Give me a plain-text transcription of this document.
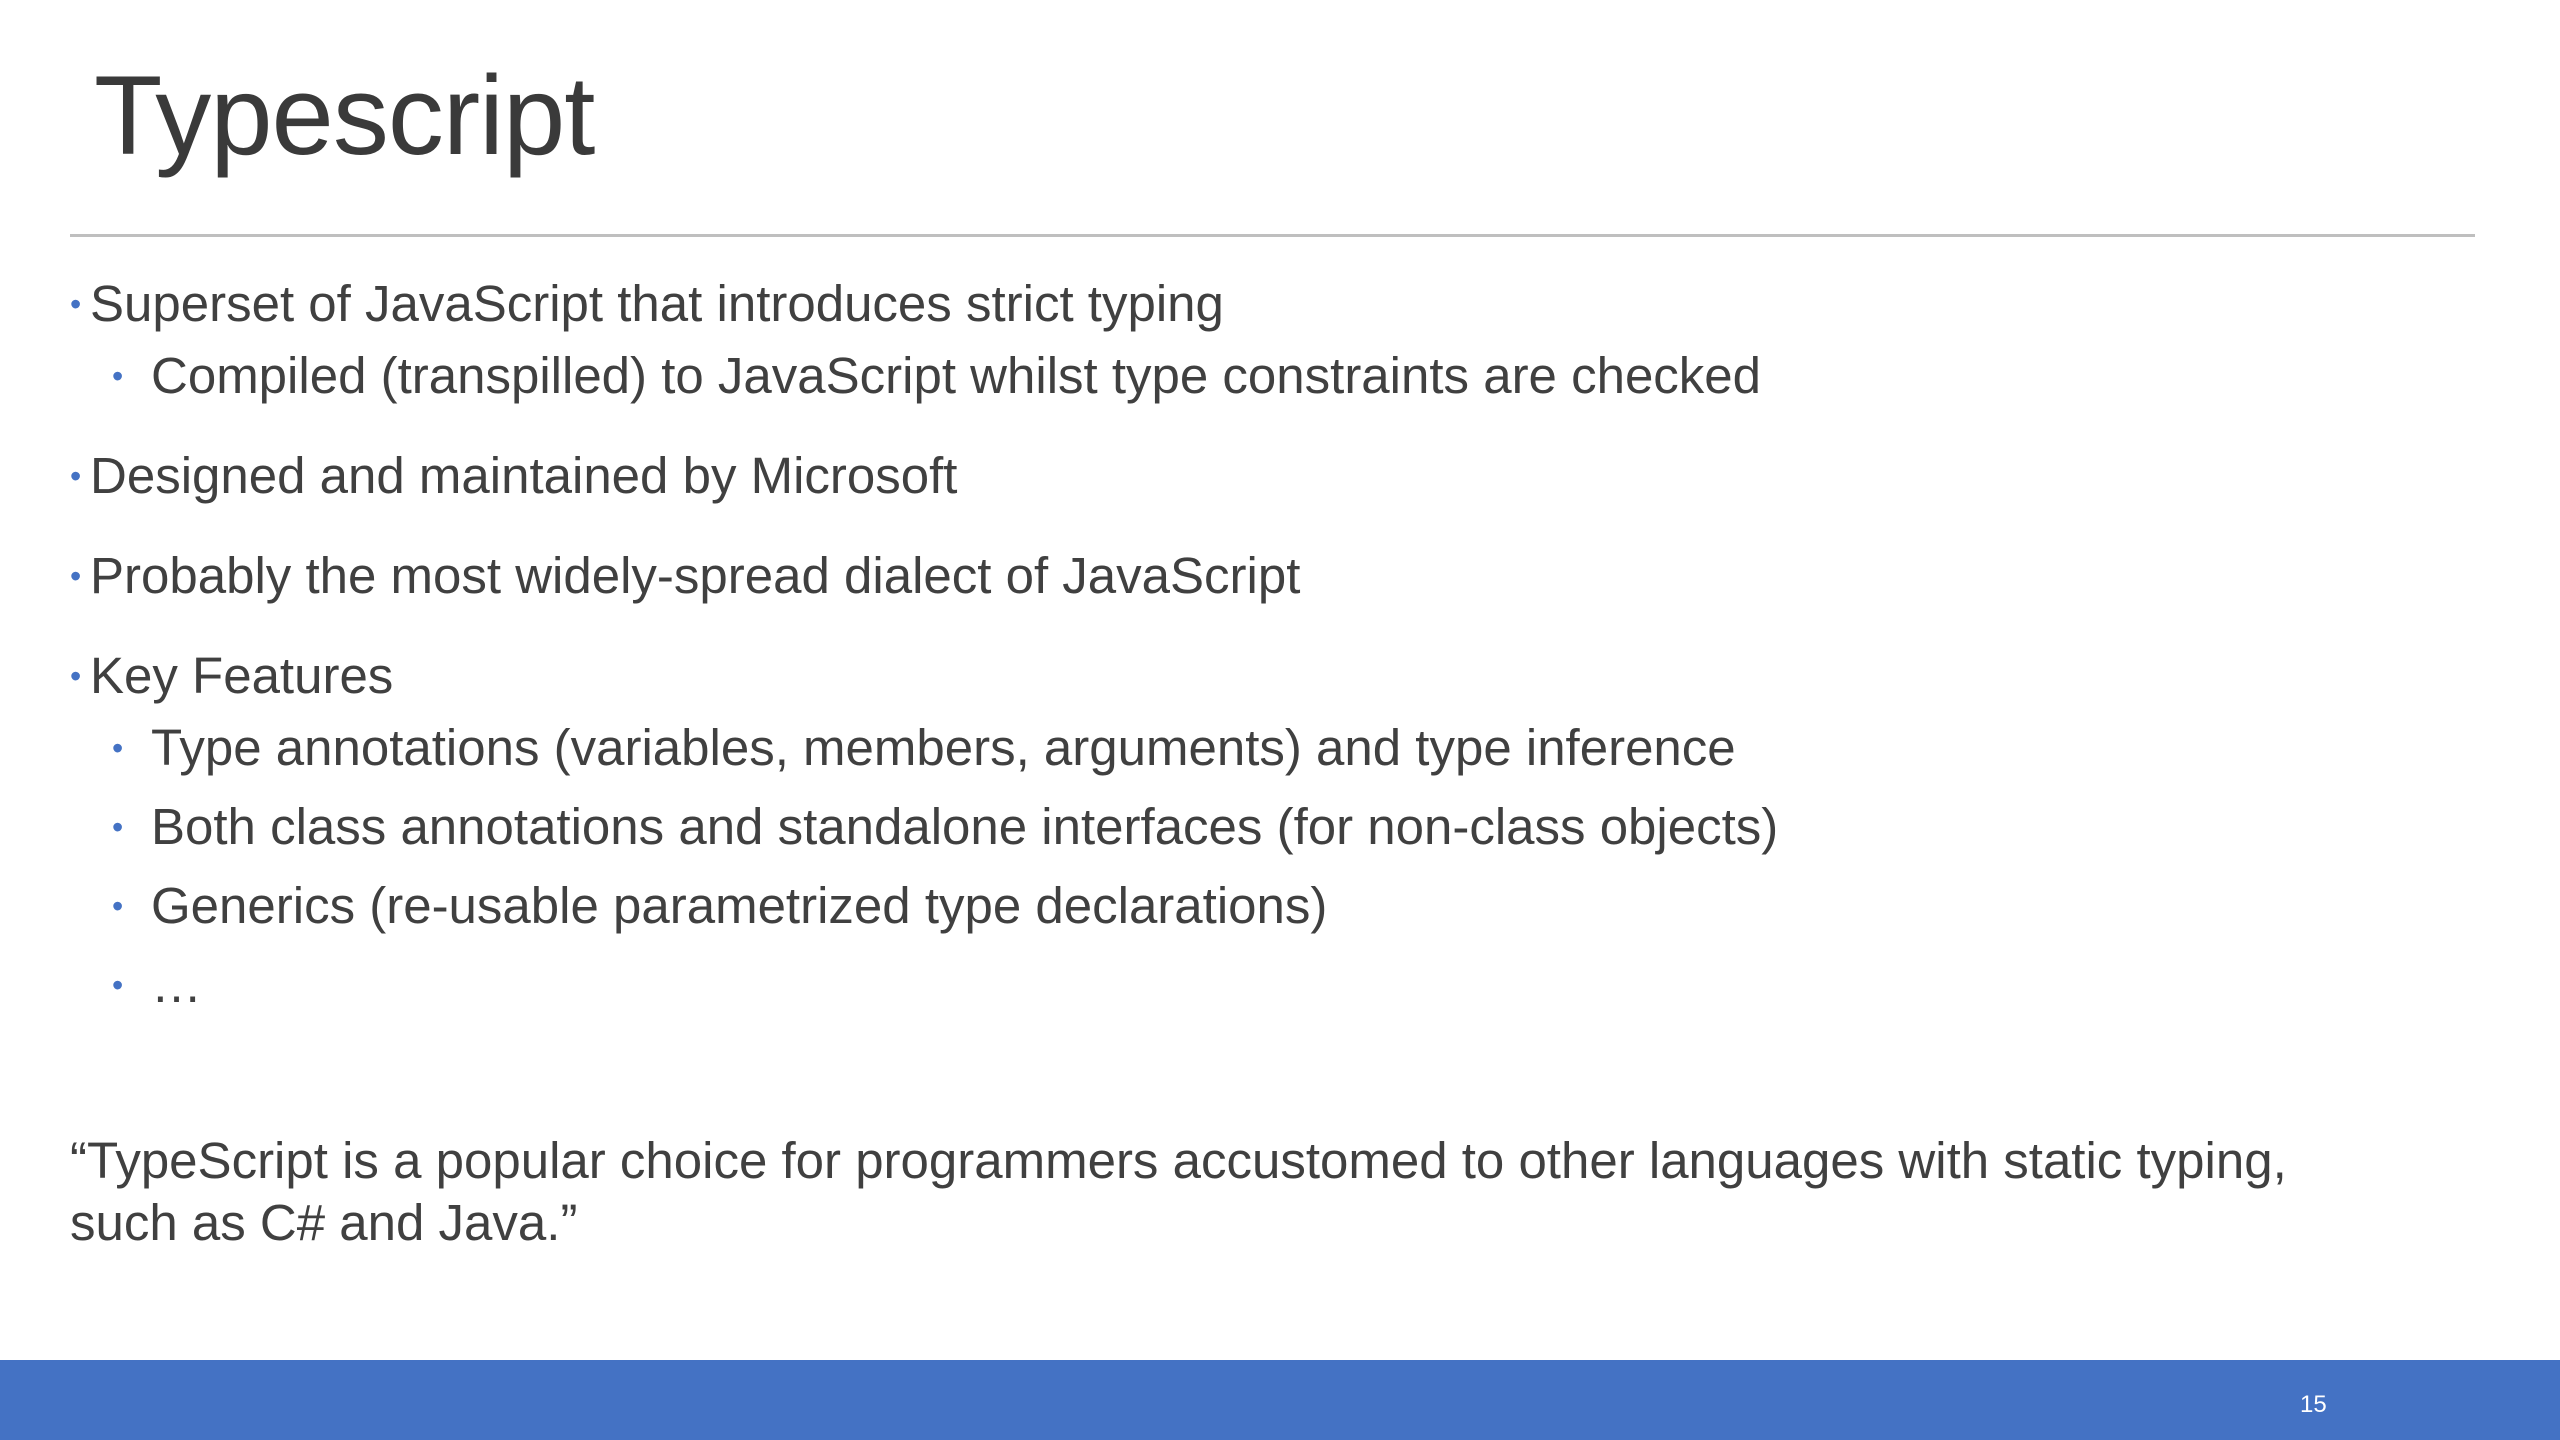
Typescript
• Superset of JavaScript that introduces strict typing
• Compiled (transpilled) to JavaScript whilst type constraints are checked
• Designed and maintained by Microsoft
• Probably the most widely-spread dialect of JavaScript
• Key Features
• Type annotations (variables, members, arguments) and type inference
• Both class annotations and standalone interfaces (for non-class objects)
• Generics (re-usable parametrized type declarations)
• …
“TypeScript is a popular choice for programmers accustomed to other languages with static typing,
such as C# and Java.”
15
